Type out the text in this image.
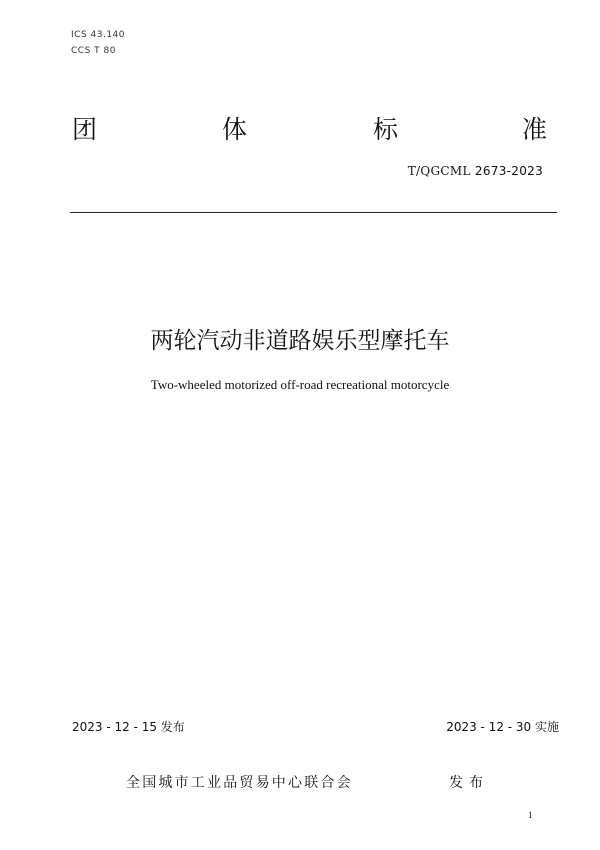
ICS 43.140
CCS T 80
团	体	标	准
T/QGCML 2673-2023
两轮汽动非道路娱乐型摩托车
Two-wheeled motorized off-road recreational motorcycle
2023 - 12 - 15 发布	2023 - 12 - 30 实施
全国城市工业品贸易中心联合会	发布
1
